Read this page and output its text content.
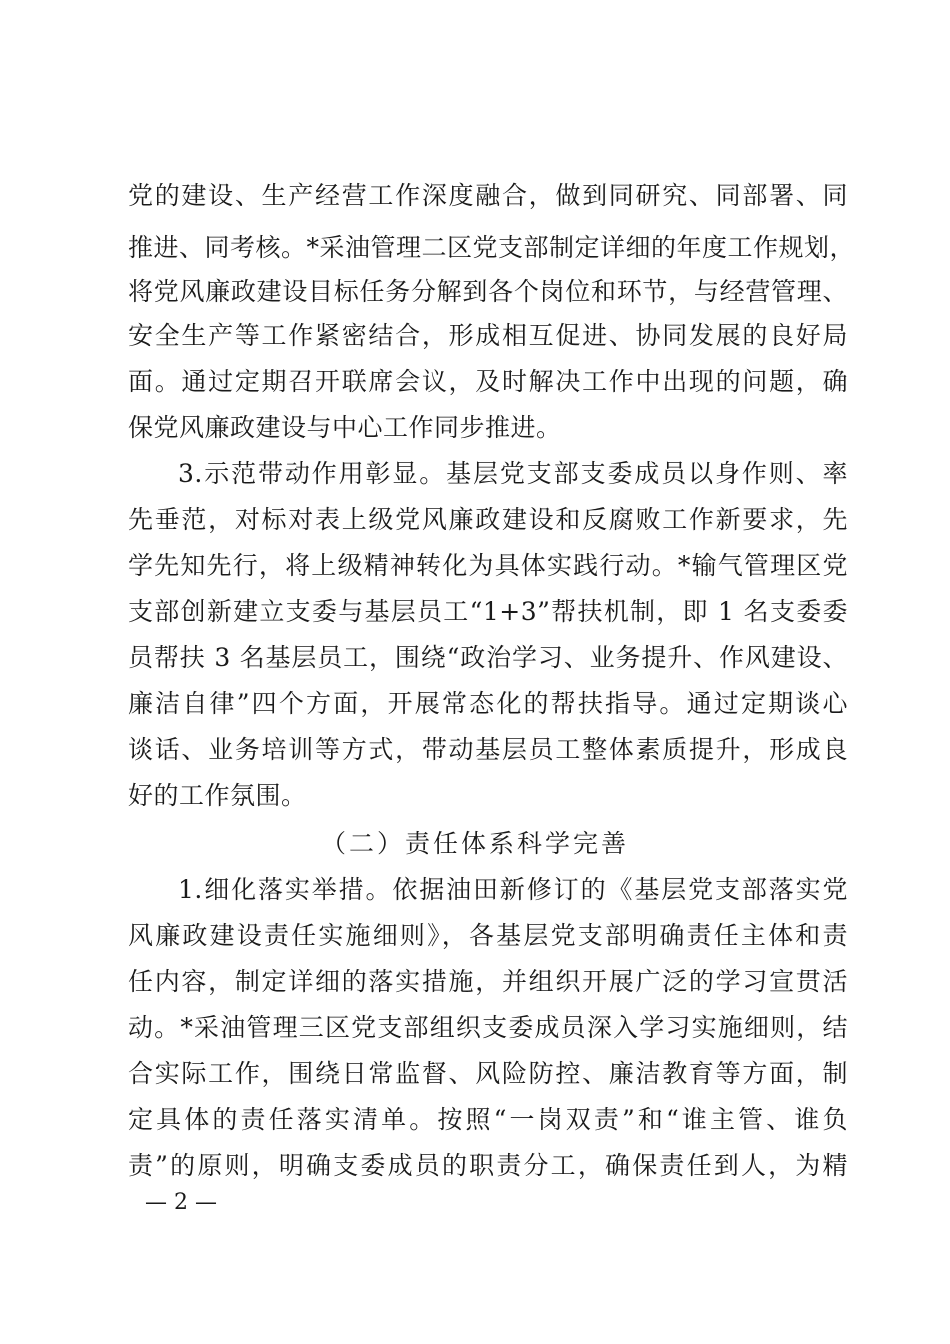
党的建设、生产经营工作深度融合，做到同研究、同部署、同
推进、同考核。*采油管理二区党支部制定详细的年度工作规划，
将党风廉政建设目标任务分解到各个岗位和环节，与经营管理、
安全生产等工作紧密结合，形成相互促进、协同发展的良好局
面。通过定期召开联席会议，及时解决工作中出现的问题，确
保党风廉政建设与中心工作同步推进。
3.示范带动作用彰显。基层党支部支委成员以身作则、率
先垂范，对标对表上级党风廉政建设和反腐败工作新要求，先
学先知先行，将上级精神转化为具体实践行动。*输气管理区党
支部创新建立支委与基层员工“1+3”帮扶机制，即 1 名支委委
员帮扶 3 名基层员工，围绕“政治学习、业务提升、作风建设、
廉洁自律”四个方面，开展常态化的帮扶指导。通过定期谈心
谈话、业务培训等方式，带动基层员工整体素质提升，形成良
好的工作氛围。
（二）责任体系科学完善
1.细化落实举措。依据油田新修订的《基层党支部落实党
风廉政建设责任实施细则》，各基层党支部明确责任主体和责
任内容，制定详细的落实措施，并组织开展广泛的学习宣贯活
动。*采油管理三区党支部组织支委成员深入学习实施细则，结
合实际工作，围绕日常监督、风险防控、廉洁教育等方面，制
定具体的责任落实清单。按照“一岗双责”和“谁主管、谁负
责”的原则，明确支委成员的职责分工，确保责任到人，为精
— 2 —
